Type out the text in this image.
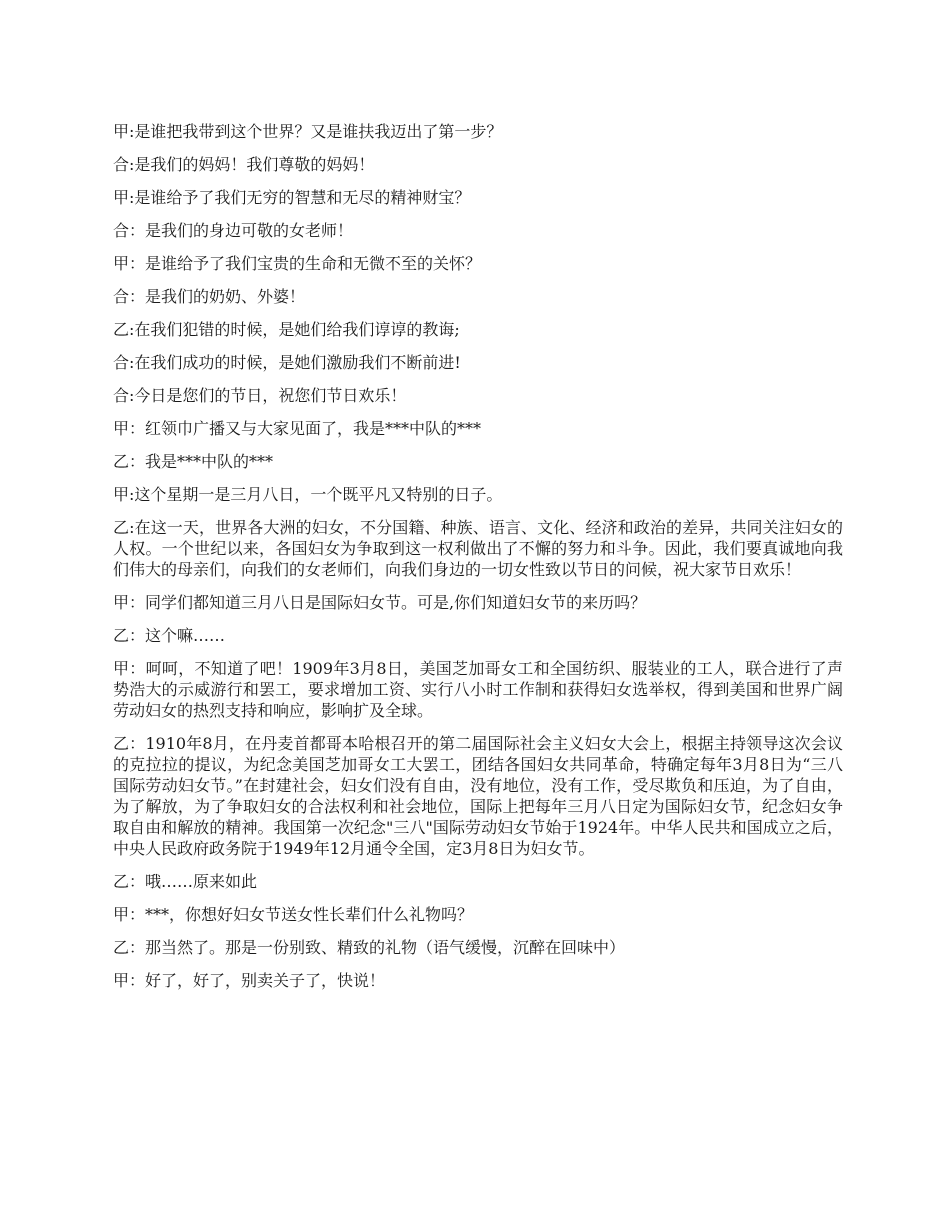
甲:是谁把我带到这个世界？又是谁扶我迈出了第一步？

合:是我们的妈妈！我们尊敬的妈妈！

甲:是谁给予了我们无穷的智慧和无尽的精神财宝？

合：是我们的身边可敬的女老师！

甲：是谁给予了我们宝贵的生命和无微不至的关怀？

合：是我们的奶奶、外婆！

乙:在我们犯错的时候，是她们给我们谆谆的教诲;

合:在我们成功的时候，是她们激励我们不断前进!

合:今日是您们的节日，祝您们节日欢乐！

甲：红领巾广播又与大家见面了，我是***中队的***

乙：我是***中队的***

甲:这个星期一是三月八日，一个既平凡又特别的日子。

乙:在这一天，世界各大洲的妇女，不分国籍、种族、语言、文化、经济和政治的差异，共同关注妇女的人权。一个世纪以来，各国妇女为争取到这一权利做出了不懈的努力和斗争。因此，我们要真诚地向我们伟大的母亲们，向我们的女老师们，向我们身边的一切女性致以节日的问候，祝大家节日欢乐！

甲：同学们都知道三月八日是国际妇女节。可是,你们知道妇女节的来历吗？

乙：这个嘛……

甲：呵呵，不知道了吧！1909年3月8日，美国芝加哥女工和全国纺织、服装业的工人，联合进行了声势浩大的示威游行和罢工，要求增加工资、实行八小时工作制和获得妇女选举权，得到美国和世界广阔劳动妇女的热烈支持和响应，影响扩及全球。

乙：1910年8月，在丹麦首都哥本哈根召开的第二届国际社会主义妇女大会上，根据主持领导这次会议的克拉拉的提议，为纪念美国芝加哥女工大罢工，团结各国妇女共同革命，特确定每年3月8日为“三八国际劳动妇女节。”在封建社会，妇女们没有自由，没有地位，没有工作，受尽欺负和压迫，为了自由，为了解放，为了争取妇女的合法权利和社会地位，国际上把每年三月八日定为国际妇女节，纪念妇女争取自由和解放的精神。我国第一次纪念"三八"国际劳动妇女节始于1924年。中华人民共和国成立之后，中央人民政府政务院于1949年12月通令全国，定3月8日为妇女节。

乙：哦……原来如此

甲：***，你想好妇女节送女性长辈们什么礼物吗？

乙：那当然了。那是一份别致、精致的礼物（语气缓慢，沉醉在回味中）

甲：好了，好了，别卖关子了，快说！
